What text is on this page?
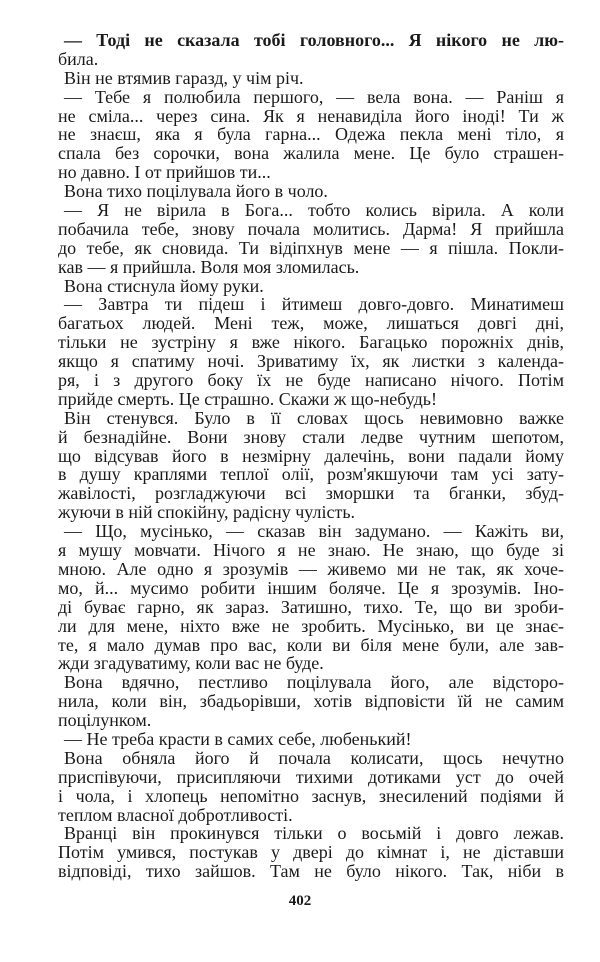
— Тоді не сказала тобі головного... Я нікого не лю-
била.
Він не втямив гаразд, у чім річ.
— Тебе я полюбила першого, — вела вона. — Раніш я
не сміла... через сина. Як я ненавиділа його іноді! Ти ж
не знаєш, яка я була гарна... Одежа пекла мені тіло, я
спала без сорочки, вона жалила мене. Це було страшен-
но давно. І от прийшов ти...
Вона тихо поцілувала його в чоло.
— Я не вірила в Бога... тобто колись вірила. А коли
побачила тебе, знову почала молитись. Дарма! Я прийшла
до тебе, як сновида. Ти відіпхнув мене — я пішла. Покли-
кав — я прийшла. Воля моя зломилась.
Вона стиснула йому руки.
— Завтра ти підеш і йтимеш довго-довго. Минатимеш
багатьох людей. Мені теж, може, лишаться довгі дні,
тільки не зустріну я вже нікого. Багацько порожніх днів,
якщо я спатиму ночі. Зриватиму їх, як листки з календа-
ря, і з другого боку їх не буде написано нічого. Потім
прийде смерть. Це страшно. Скажи ж що-небудь!
Він стенувся. Було в її словах щось невимовно важке
й безнадійне. Вони знову стали ледве чутним шепотом,
що відсував його в незмірну далечінь, вони падали йому
в душу краплями теплої олії, розм'якшуючи там усі зату-
жавілості, розгладжуючи всі зморшки та бганки, збуд-
жуючи в ній спокійну, радісну чулість.
— Що, мусінько, — сказав він задумано. — Кажіть ви,
я мушу мовчати. Нічого я не знаю. Не знаю, що буде зі
мною. Але одно я зрозумів — живемо ми не так, як хоче-
мо, й... мусимо робити іншим боляче. Це я зрозумів. Іно-
ді буває гарно, як зараз. Затишно, тихо. Те, що ви зроби-
ли для мене, ніхто вже не зробить. Мусінько, ви це знає-
те, я мало думав про вас, коли ви біля мене були, але зав-
жди згадуватиму, коли вас не буде.
Вона вдячно, пестливо поцілувала його, але відсторо-
нила, коли він, збадьорівши, хотів відповісти їй не самим
поцілунком.
— Не треба красти в самих себе, любенький!
Вона обняла його й почала колисати, щось нечутно
приспівуючи, присипляючи тихими дотиками уст до очей
і чола, і хлопець непомітно заснув, знесилений подіями й
теплом власної добротливості.
Вранці він прокинувся тільки о восьмій і довго лежав.
Потім умився, постукав у двері до кімнат і, не діставши
відповіді, тихо зайшов. Там не було нікого. Так, ніби в
402
